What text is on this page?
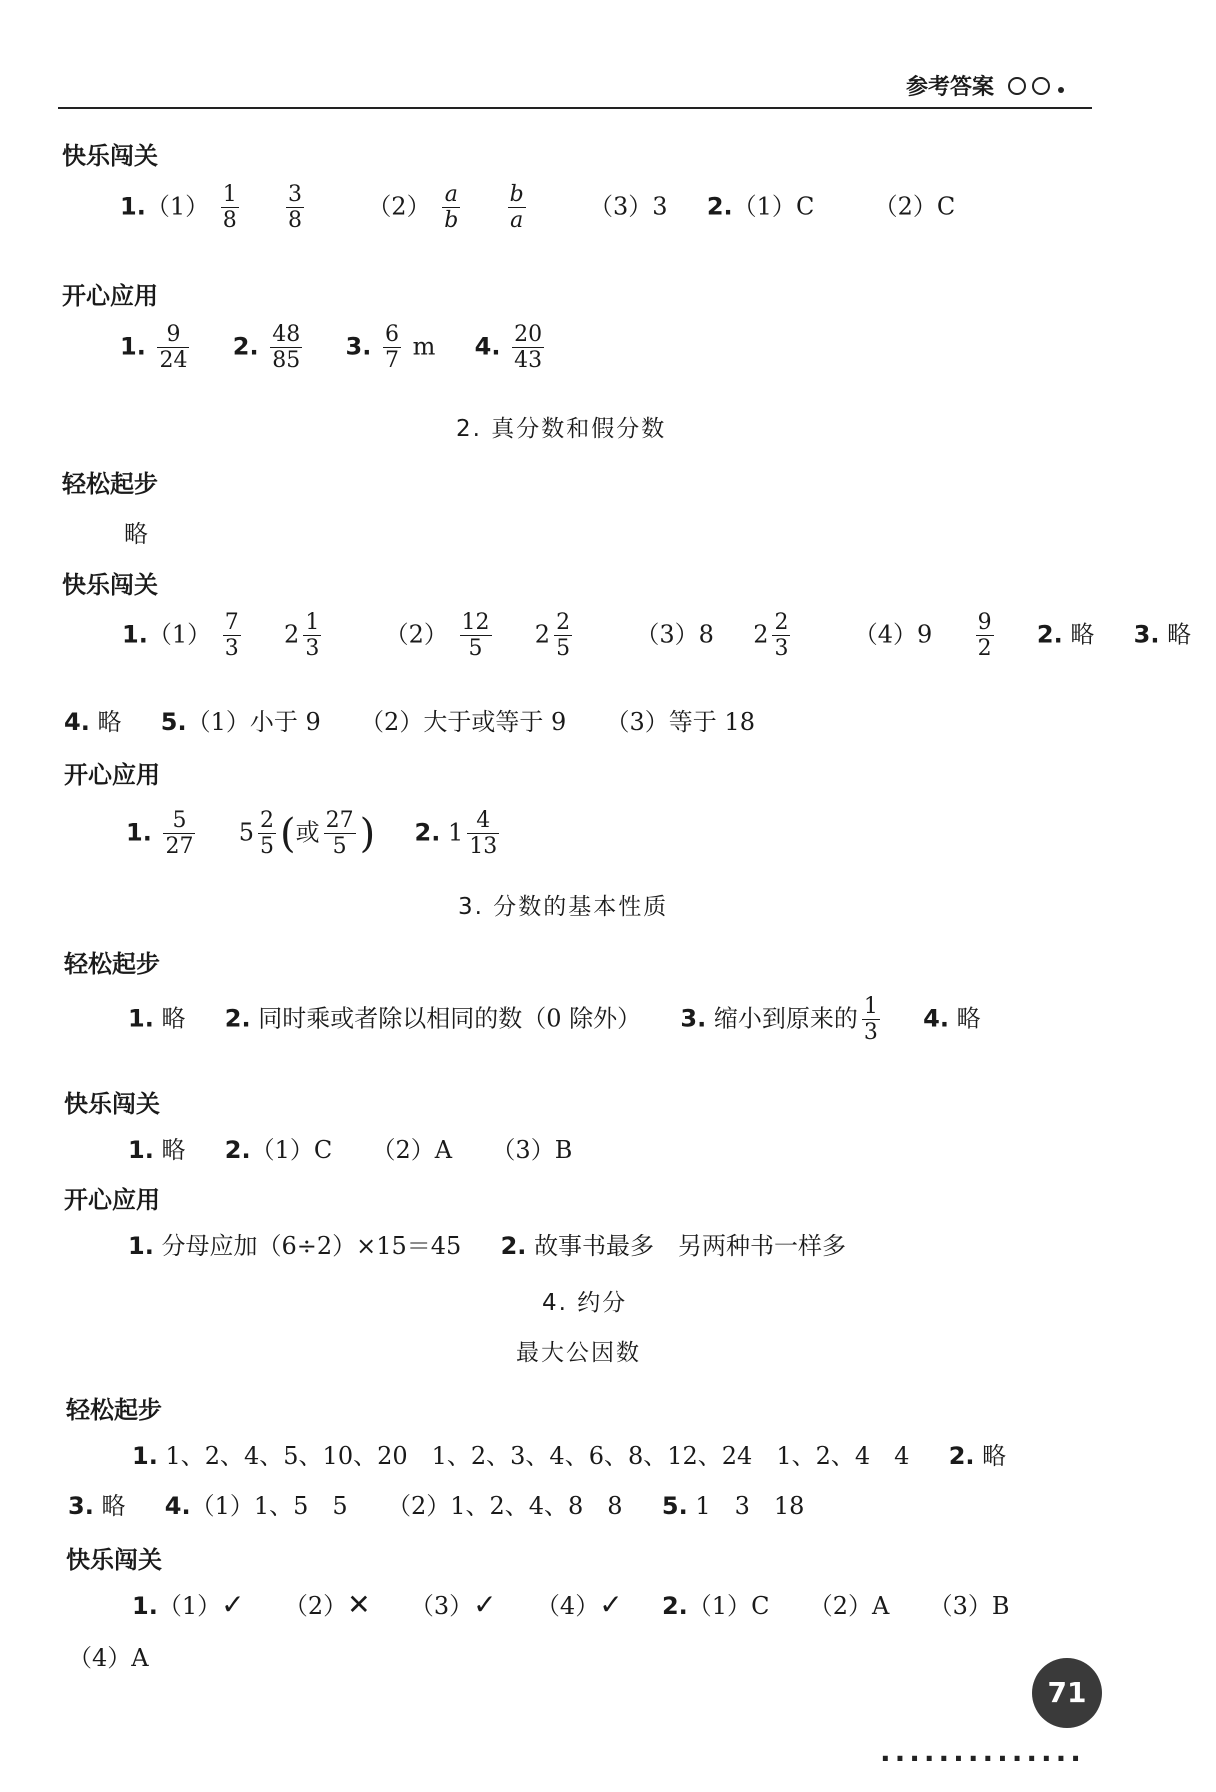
参考答案
快乐闯关
$1.(1) \frac{1}{8}$
$\frac{3}{8}$	$(2) \frac{a}{b}$
$\frac{b}{a}$	（3）3 2.（1）C （2）C
开心应用
1. $\frac{9}{24} 2$. $\frac{48}{85} 3$. $\frac{6}{7}$ m 4. $\frac{20}{43}$
2. 真分数和假分数
轻松起步
略
快乐闯关
$1.(1) \frac{7}{3} 2 \frac{1}{3}$	$(2) \frac{12}{5} 2 \frac{2}{5}$	（3）8 $2 \frac{2}{3}$	$(4)9 \frac{9}{2} 2$. 略 3. 略
4. 略 5.（1）小于 9 （2）大于或等于 9 （3）等于 18
开心应用
1. $\frac{5}{27} 5 \frac{2}{5}$ (或 $\frac{27}{5}$ ) 2. $1 \frac{4}{13}$
3. 分数的基本性质
轻松起步
1. 略 2. 同时乘或者除以相同的数（0 除外） 3. 缩小到原来的 $\frac{1}{3} 4$. 略
快乐闯关
1. 略 2.（1）C （2）A （3）B
开心应用
1. 分母应加（6÷2）×15＝45 2. 故事书最多　另两种书一样多
4. 约分
最大公因数
轻松起步
1. 1、2、4、5、10、20　1、2、3、4、6、8、12、24　1、2、4　4 2. 略
3. 略 4.（1）1、5　5 （2）1、2、4、8　8 5. 1　3　18
快乐闯关
1.（1）✓ （2）✕ （3）✓ （4）✓ 2.（1）C （2）A （3）B
（4）A
71
··············
